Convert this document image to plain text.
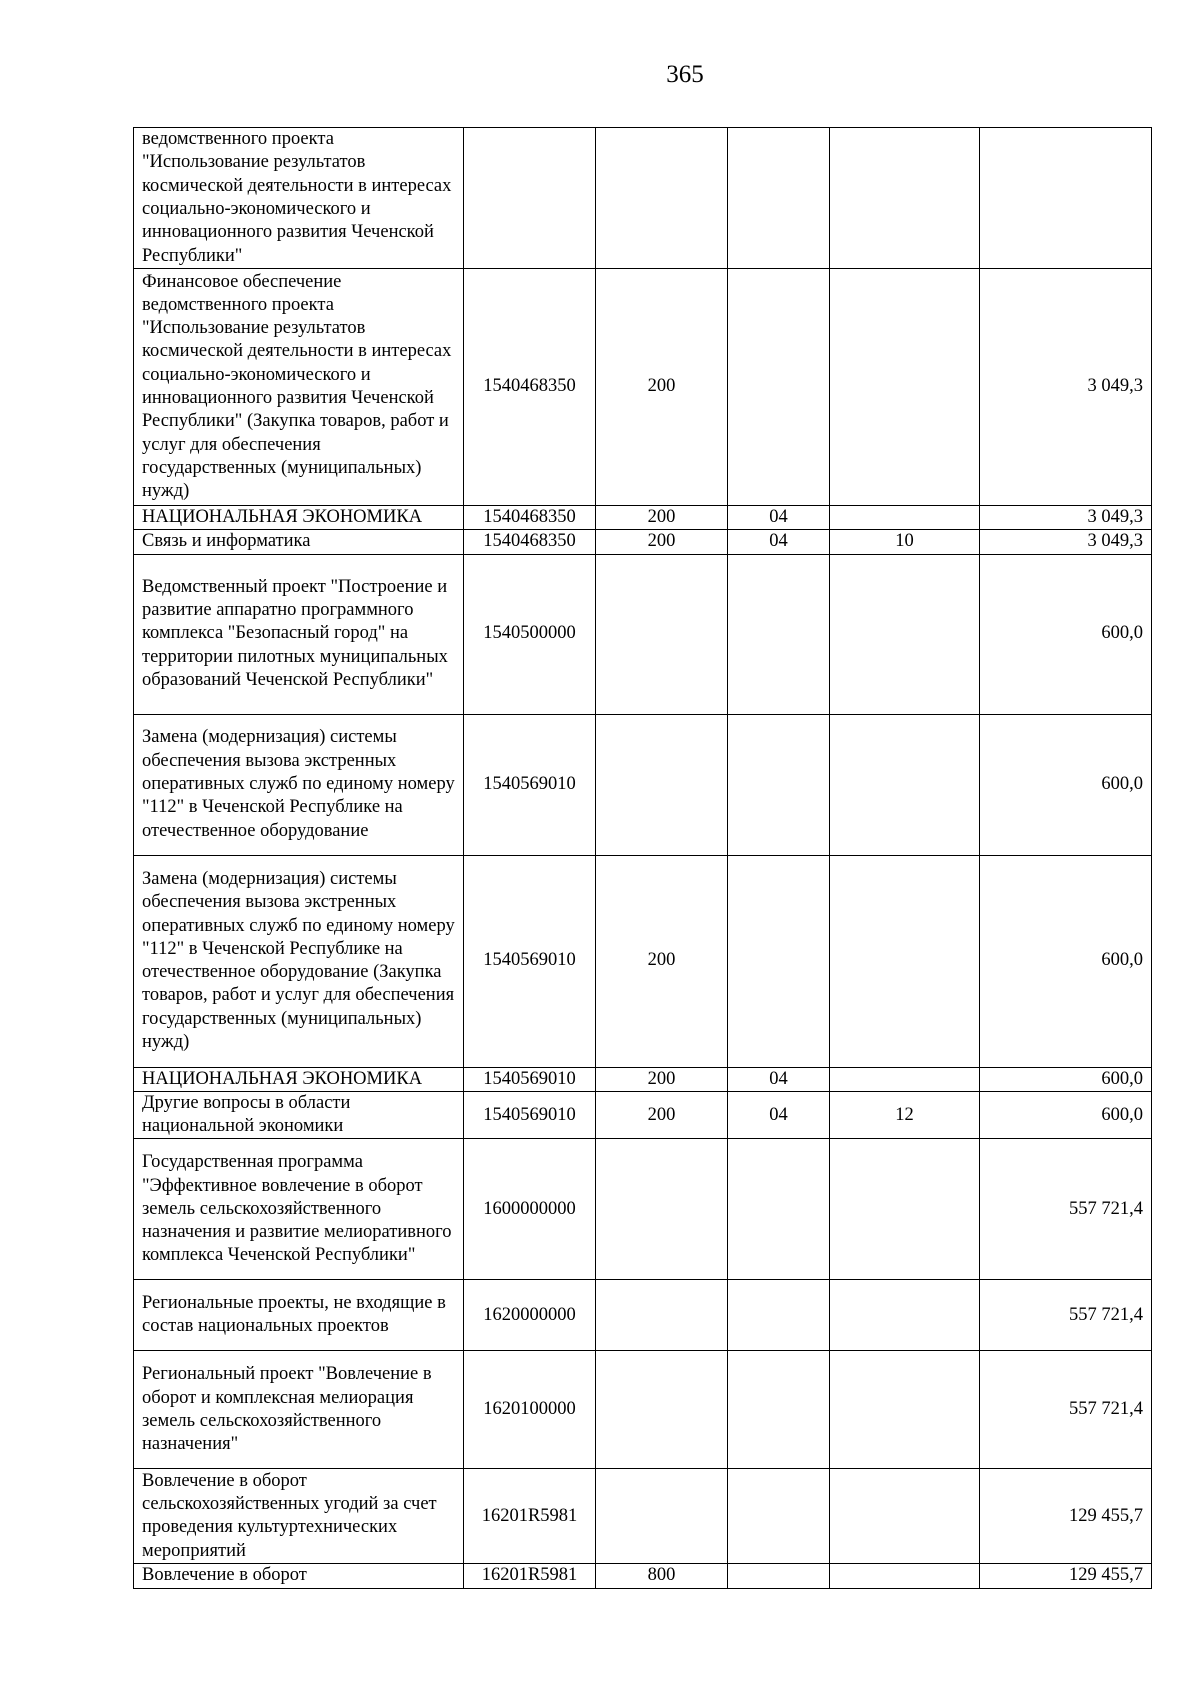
365
ведомственного проекта "Использование результатов космической деятельности в интересах социально-экономического и инновационного развития Чеченской Республики"					
Финансовое обеспечение ведомственного проекта "Использование результатов космической деятельности в интересах социально-экономического и инновационного развития Чеченской Республики" (Закупка товаров, работ и услуг для обеспечения государственных (муниципальных) нужд)	1540468350	200			3 049,3
НАЦИОНАЛЬНАЯ ЭКОНОМИКА	1540468350	200	04		3 049,3
Связь и информатика	1540468350	200	04	10	3 049,3
Ведомственный проект "Построение и развитие аппаратно программного комплекса "Безопасный город" на территории пилотных муниципальных образований Чеченской Республики"	1540500000				600,0
Замена (модернизация) системы обеспечения вызова экстренных оперативных служб по единому номеру "112" в Чеченской Республике на отечественное оборудование	1540569010				600,0
Замена (модернизация) системы обеспечения вызова экстренных оперативных служб по единому номеру "112" в Чеченской Республике на отечественное оборудование (Закупка товаров, работ и услуг для обеспечения государственных (муниципальных) нужд)	1540569010	200			600,0
НАЦИОНАЛЬНАЯ ЭКОНОМИКА	1540569010	200	04		600,0
Другие вопросы в области национальной экономики	1540569010	200	04	12	600,0
Государственная программа "Эффективное вовлечение в оборот земель сельскохозяйственного назначения и развитие мелиоративного комплекса Чеченской Республики"	1600000000				557 721,4
Региональные проекты, не входящие в состав национальных проектов	1620000000				557 721,4
Региональный проект "Вовлечение в оборот и комплексная мелиорация земель сельскохозяйственного назначения"	1620100000				557 721,4
Вовлечение в оборот сельскохозяйственных угодий за счет проведения культуртехнических мероприятий	16201R5981				129 455,7
Вовлечение в оборот	16201R5981	800			129 455,7
